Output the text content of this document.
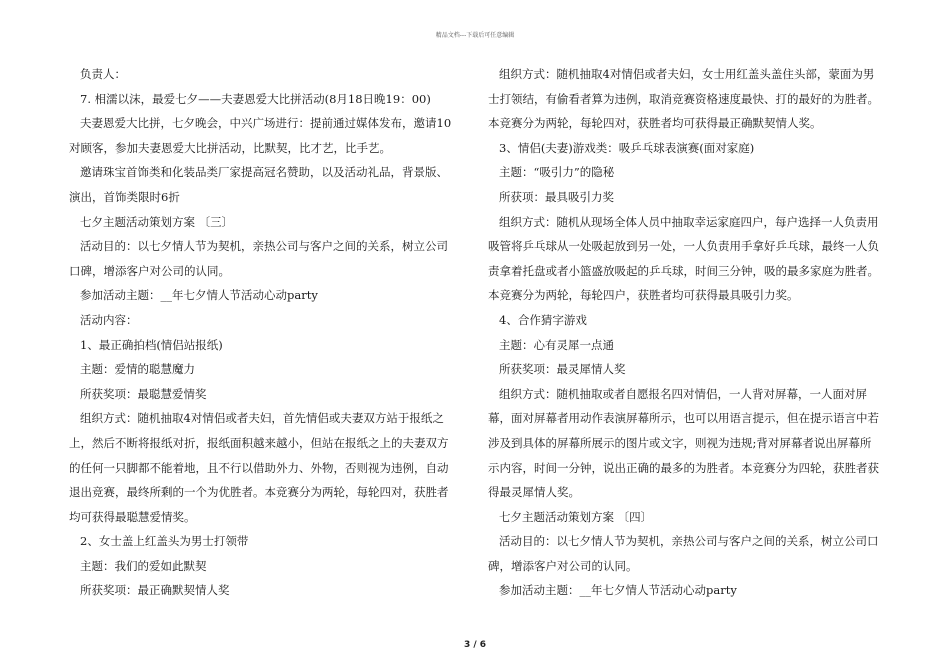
精品文档---下载后可任意编辑

负责人：

7. 相濡以沫，最爱七夕——夫妻恩爱大比拼活动(8月18日晚19：00)

夫妻恩爱大比拼，七夕晚会，中兴广场进行：提前通过媒体发布，邀请10对顾客，参加夫妻恩爱大比拼活动，比默契，比才艺，比手艺。

邀请珠宝首饰类和化装品类厂家提高冠名赞助，以及活动礼品，背景版、演出，首饰类限时6折

七夕主题活动策划方案 〔三〕

活动目的：以七夕情人节为契机，亲热公司与客户之间的关系，树立公司口碑，增添客户对公司的认同。

参加活动主题：__年七夕情人节活动心动party

活动内容：

1、最正确拍档(情侣站报纸)

主题：爱情的聪慧魔力

所获奖项：最聪慧爱情奖

组织方式：随机抽取4对情侣或者夫妇，首先情侣或夫妻双方站于报纸之上，然后不断将报纸对折，报纸面积越来越小，但站在报纸之上的夫妻双方的任何一只脚都不能着地，且不行以借助外力、外物，否则视为违例，自动退出竞赛，最终所剩的一个为优胜者。本竞赛分为两轮，每轮四对，获胜者均可获得最聪慧爱情奖。

2、女士盖上红盖头为男士打领带

主题：我们的爱如此默契

所获奖项：最正确默契情人奖

组织方式：随机抽取4对情侣或者夫妇，女士用红盖头盖住头部，蒙面为男士打领结，有偷看者算为违例，取消竞赛资格速度最快、打的最好的为胜者。本竞赛分为两轮，每轮四对，获胜者均可获得最正确默契情人奖。

3、情侣(夫妻)游戏类：吸乒乓球表演赛(面对家庭)

主题：“吸引力”的隐秘

所获项：最具吸引力奖

组织方式：随机从现场全体人员中抽取幸运家庭四户，每户选择一人负责用吸管将乒乓球从一处吸起放到另一处，一人负责用手拿好乒乓球，最终一人负责拿着托盘或者小篮盛放吸起的乒乓球，时间三分钟，吸的最多家庭为胜者。本竞赛分为两轮，每轮四户，获胜者均可获得最具吸引力奖。

4、合作猜字游戏

主题：心有灵犀一点通

所获奖项：最灵犀情人奖

组织方式：随机抽取或者自愿报名四对情侣，一人背对屏幕，一人面对屏幕，面对屏幕者用动作表演屏幕所示，也可以用语言提示，但在提示语言中若涉及到具体的屏幕所展示的图片或文字，则视为违规;背对屏幕者说出屏幕所示内容，时间一分钟，说出正确的最多的为胜者。本竞赛分为四轮，获胜者获得最灵犀情人奖。

七夕主题活动策划方案 〔四〕

活动目的：以七夕情人节为契机，亲热公司与客户之间的关系，树立公司口碑，增添客户对公司的认同。

参加活动主题：__年七夕情人节活动心动party

3 / 6
